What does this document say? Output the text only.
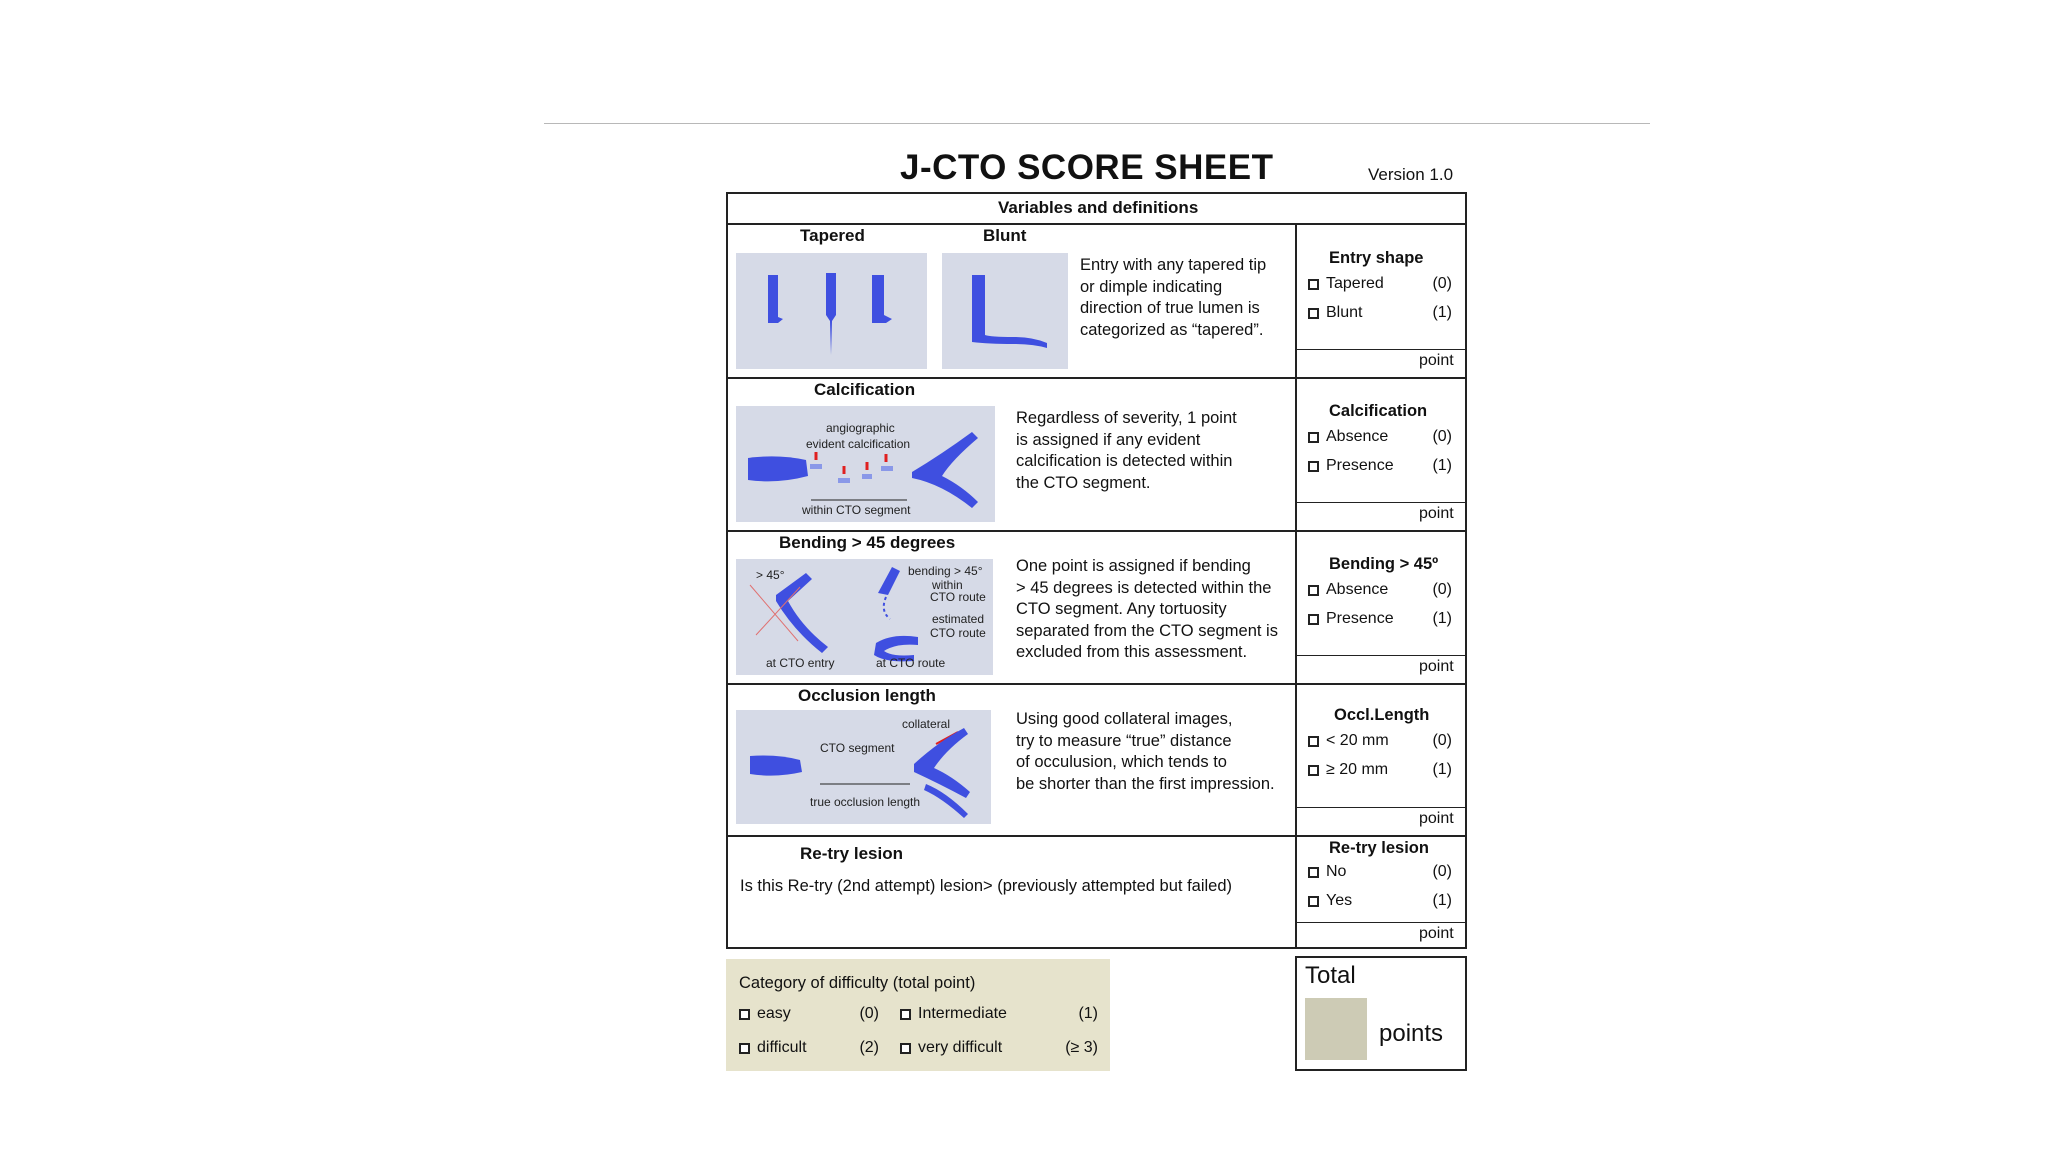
J-CTO SCORE SHEET	Version 1.0
Variables and definitions
Tapered	Blunt
Entry with any tapered tip
or dimple indicating
direction of true lumen is
categorized as “tapered”.
Entry shape
Tapered	(0)
Blunt	(1)
point
Calcification
angiographic
evident calcification
within CTO segment
Regardless of severity, 1 point
is assigned if any evident
calcification is detected within
the CTO segment.
Calcification
Absence	(0)
Presence (1)
point
Bending > 45 degrees
> 45°	bending > 45°
within
CTO route
estimated
CTO route
at CTO entry	at CTO route
One point is assigned if bending
> 45 degrees is detected within the
CTO segment. Any tortuosity
separated from the CTO segment is
excluded from this assessment.
Bending > 45º
Absence	(0)
Presence (1)
point
Occlusion length
collateral
CTO segment
true occlusion length
Using good collateral images,
try to measure “true” distance
of occulusion, which tends to
be shorter than the first impression.
Occl.Length
< 20 mm	(0)
≥ 20 mm	(1)
point
Re-try lesion
Is this Re-try (2nd attempt) lesion> (previously attempted but failed)
Re-try lesion
No	(0)
Yes	(1)
point
Category of difficulty (total point)
easy	(0) Intermediate	(1)
difficult	(2) very difficult	(≥ 3)
Total
points
